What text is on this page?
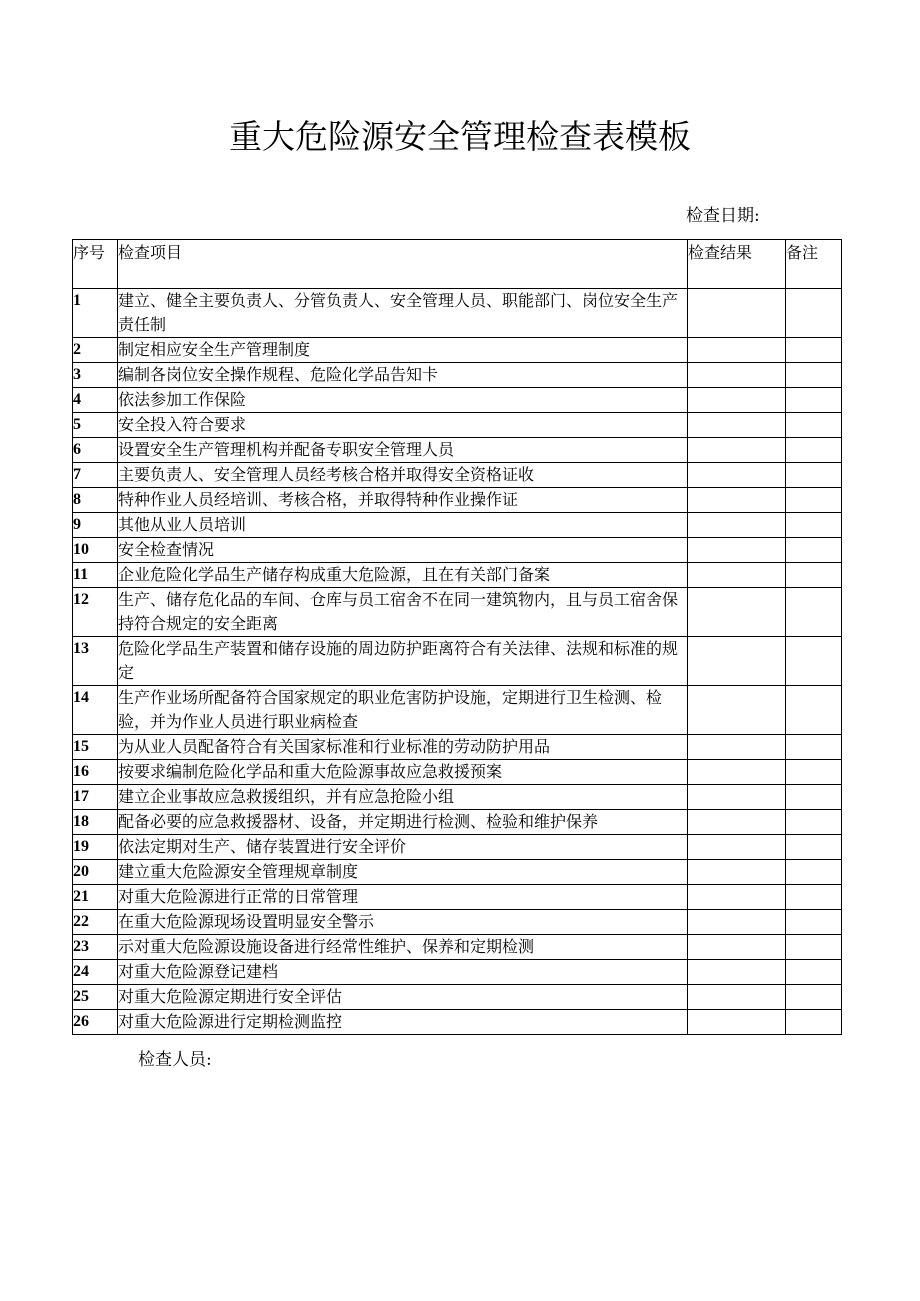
重大危险源安全管理检查表模板
检查日期:
序号	检查项目	检查结果	备注
1	建立、健全主要负责人、分管负责人、安全管理人员、职能部门、岗位安全生产责任制		
2	制定相应安全生产管理制度		
3	编制各岗位安全操作规程、危险化学品告知卡		
4	依法参加工作保险		
5	安全投入符合要求		
6	设置安全生产管理机构并配备专职安全管理人员		
7	主要负责人、安全管理人员经考核合格并取得安全资格证收		
8	特种作业人员经培训、考核合格，并取得特种作业操作证		
9	其他从业人员培训		
10	安全检查情况		
11	企业危险化学品生产储存构成重大危险源，且在有关部门备案		
12	生产、储存危化品的车间、仓库与员工宿舍不在同一建筑物内，且与员工宿舍保持符合规定的安全距离		
13	危险化学品生产装置和储存设施的周边防护距离符合有关法律、法规和标准的规定		
14	生产作业场所配备符合国家规定的职业危害防护设施，定期进行卫生检测、检验，并为作业人员进行职业病检查		
15	为从业人员配备符合有关国家标准和行业标准的劳动防护用品		
16	按要求编制危险化学品和重大危险源事故应急救援预案		
17	建立企业事故应急救援组织，并有应急抢险小组		
18	配备必要的应急救援器材、设备，并定期进行检测、检验和维护保养		
19	依法定期对生产、储存装置进行安全评价		
20	建立重大危险源安全管理规章制度		
21	对重大危险源进行正常的日常管理		
22	在重大危险源现场设置明显安全警示		
23	示对重大危险源设施设备进行经常性维护、保养和定期检测		
24	对重大危险源登记建档		
25	对重大危险源定期进行安全评估		
26	对重大危险源进行定期检测监控		
检查人员:
